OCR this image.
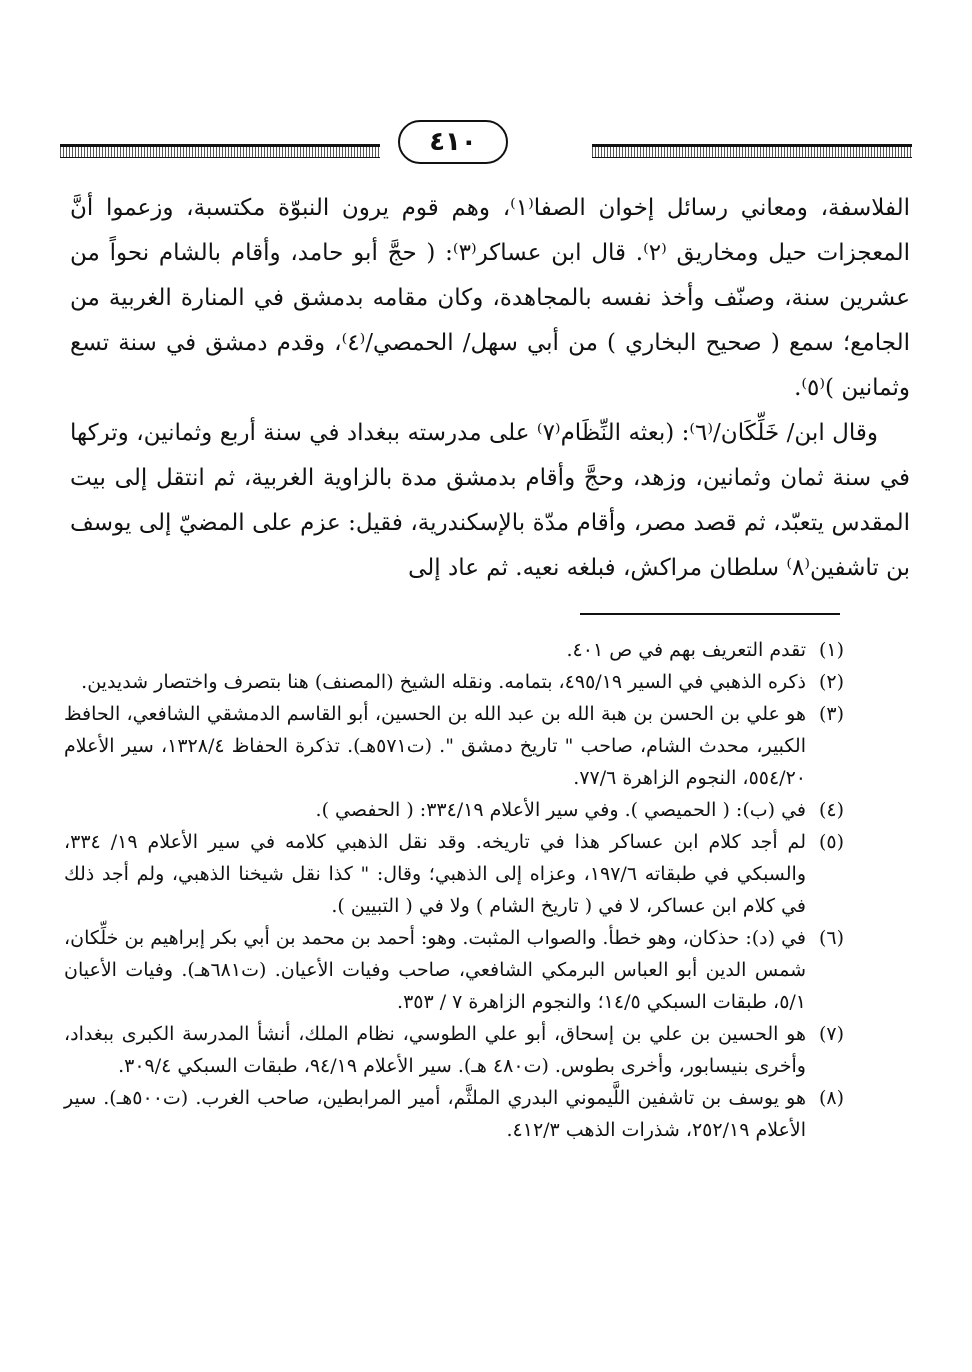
٤١٠

الفلاسفة، ومعاني رسائل إخوان الصفا⁽١⁾، وهم قوم يرون النبوّة مكتسبة، وزعموا أنَّ المعجزات حيل ومخاريق ⁽٢⁾. قال ابن عساكر⁽٣⁾: ( حجَّ أبو حامد، وأقام بالشام نحواً من عشرين سنة، وصنّف وأخذ نفسه بالمجاهدة، وكان مقامه بدمشق في المنارة الغربية من الجامع؛ سمع ( صحيح البخاري ) من أبي سهل/ الحمصي/⁽٤⁾، وقدم دمشق في سنة تسع وثمانين )⁽٥⁾.

وقال ابن/ خَلِّكَان/⁽٦⁾: (بعثه النِّظَام⁽٧⁾ على مدرسته ببغداد في سنة أربع وثمانين، وتركها في سنة ثمان وثمانين، وزهد، وحجَّ وأقام بدمشق مدة بالزاوية الغربية، ثم انتقل إلى بيت المقدس يتعبّد، ثم قصد مصر، وأقام مدّة بالإسكندرية، فقيل: عزم على المضيّ إلى يوسف بن تاشفين⁽٨⁾ سلطان مراكش، فبلغه نعيه. ثم عاد إلى

(١)
تقدم التعريف بهم في ص ٤٠١.
(٢)
ذكره الذهبي في السير ٤٩٥/١٩، بتمامه. ونقله الشيخ (المصنف) هنا بتصرف واختصار شديدين.
(٣)
هو علي بن الحسن بن هبة الله بن عبد الله بن الحسين، أبو القاسم الدمشقي الشافعي، الحافظ الكبير، محدث الشام، صاحب " تاريخ دمشق ". (ت٥٧١هـ). تذكرة الحفاظ ١٣٢٨/٤، سير الأعلام ٥٥٤/٢٠، النجوم الزاهرة ٧٧/٦.
(٤)
في (ب): ( الحميصي ). وفي سير الأعلام ٣٣٤/١٩: ( الحفصي ).
(٥)
لم أجد كلام ابن عساكر هذا في تاريخه. وقد نقل الذهبي كلامه في سير الأعلام ١٩/ ٣٣٤، والسبكي في طبقاته ١٩٧/٦، وعزاه إلى الذهبي؛ وقال: " كذا نقل شيخنا الذهبي، ولم أجد ذلك في كلام ابن عساكر، لا في ( تاريخ الشام ) ولا في ( التبيين ).
(٦)
في (د): حذكان، وهو خطأ. والصواب المثبت. وهو: أحمد بن محمد بن أبي بكر إبراهيم بن خلِّكان، شمس الدين أبو العباس البرمكي الشافعي، صاحب وفيات الأعيان. (ت٦٨١هـ). وفيات الأعيان ٥/١، طبقات السبكي ١٤/٥؛ والنجوم الزاهرة ٧ / ٣٥٣.
(٧)
هو الحسين بن علي بن إسحاق، أبو علي الطوسي، نظام الملك، أنشأ المدرسة الكبرى ببغداد، وأخرى بنيسابور، وأخرى بطوس. (ت٤٨٠ هـ). سير الأعلام ٩٤/١٩، طبقات السبكي ٣٠٩/٤.
(٨)
هو يوسف بن تاشفين اللَّيموني البدري الملثَّم، أمير المرابطين، صاحب الغرب. (ت٥٠٠هـ). سير الأعلام ٢٥٢/١٩، شذرات الذهب ٤١٢/٣.
